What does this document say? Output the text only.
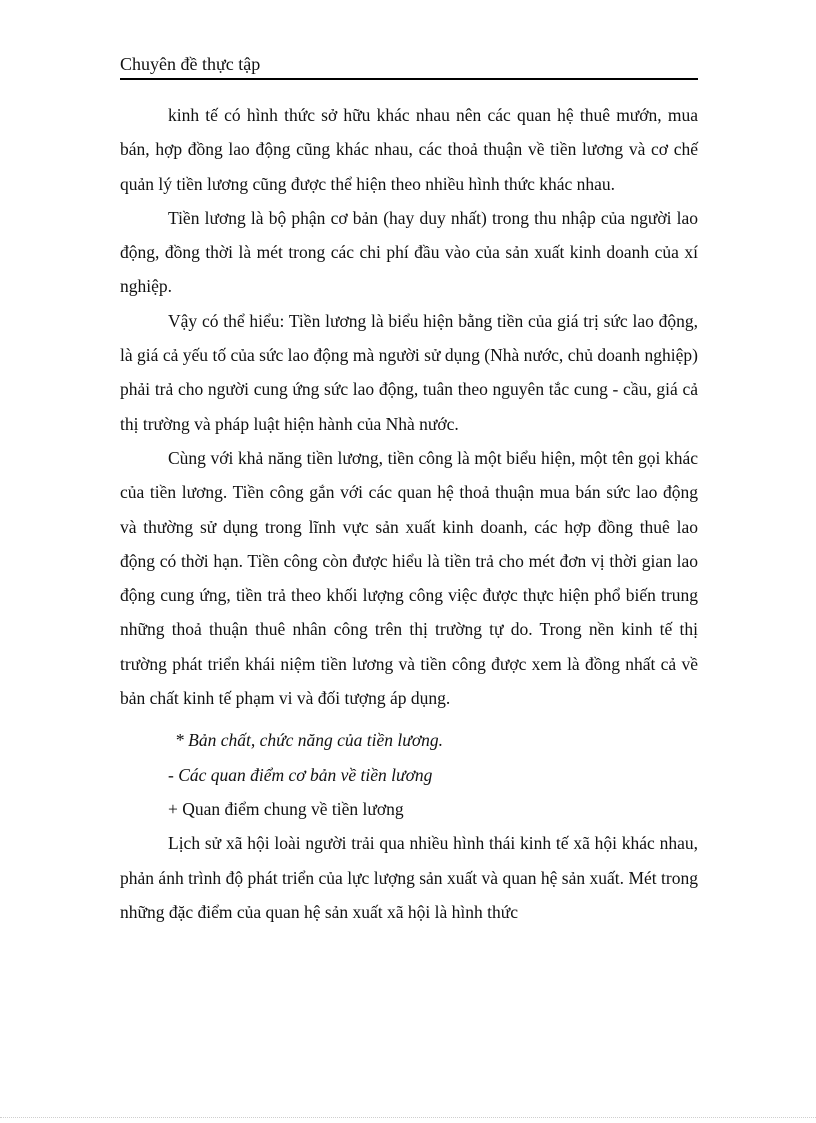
Chuyên đề thực tập

kinh tế có hình thức sở hữu khác nhau nên các quan hệ thuê mướn, mua bán, hợp đồng lao động cũng khác nhau, các thoả thuận về tiền lương và cơ chế quản lý tiền lương cũng được thể hiện theo nhiều hình thức khác nhau.

Tiền lương là bộ phận cơ bản (hay duy nhất) trong thu nhập của người lao động, đồng thời là mét trong các chi phí đầu vào của sản xuất kinh doanh của xí nghiệp.

Vậy có thể hiểu: Tiền lương là biểu hiện bằng tiền của giá trị sức lao động, là giá cả yếu tố của sức lao động mà người sử dụng (Nhà nước, chủ doanh nghiệp) phải trả cho người cung ứng sức lao động, tuân theo nguyên tắc cung - cầu, giá cả thị trường và pháp luật hiện hành của Nhà nước.

Cùng với khả năng tiền lương, tiền công là một biểu hiện, một tên gọi khác của tiền lương. Tiền công gắn với các quan hệ thoả thuận mua bán sức lao động và thường sử dụng trong lĩnh vực sản xuất kinh doanh, các hợp đồng thuê lao động có thời hạn. Tiền công còn được hiểu là tiền trả cho mét đơn vị thời gian lao động cung ứng, tiền trả theo khối lượng công việc được thực hiện phổ biến trung những thoả thuận thuê nhân công trên thị trường tự do. Trong nền kinh tế thị trường phát triển khái niệm tiền lương và tiền công được xem là đồng nhất cả về bản chất kinh tế phạm vi và đối tượng áp dụng.

* Bản chất, chức năng của tiền lương.

- Các quan điểm cơ bản về tiền lương

+ Quan điểm chung về tiền lương

Lịch sử xã hội loài người trải qua nhiều hình thái kinh tế xã hội khác nhau, phản ánh trình độ phát triển của lực lượng sản xuất và quan hệ sản xuất. Mét trong những đặc điểm của quan hệ sản xuất xã hội là hình thức
